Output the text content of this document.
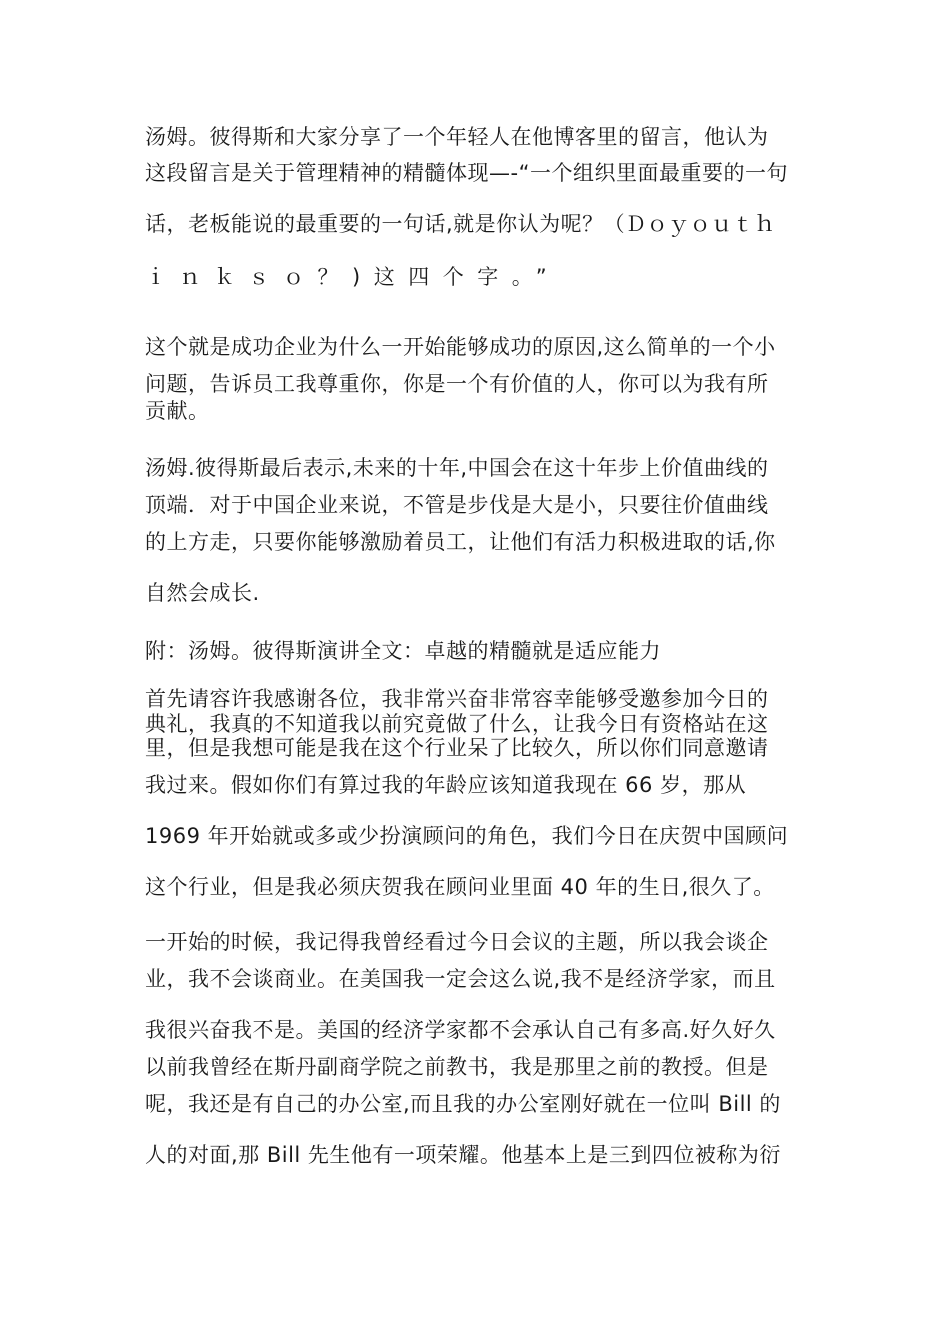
汤姆。彼得斯和大家分享了一个年轻人在他博客里的留言，他认为
这段留言是关于管理精神的精髓体现—-“一个组织里面最重要的一句
话，老板能说的最重要的一句话,就是你认为呢？（Ｄｏｙｏｕｔｈ
ｉｎｋｓｏ？)这四个字。”
这个就是成功企业为什么一开始能够成功的原因,这么简单的一个小
问题，告诉员工我尊重你，你是一个有价值的人，你可以为我有所
贡献。
汤姆.彼得斯最后表示,未来的十年,中国会在这十年步上价值曲线的
顶端．对于中国企业来说，不管是步伐是大是小，只要往价值曲线
的上方走，只要你能够激励着员工，让他们有活力积极进取的话,你
自然会成长.
附：汤姆。彼得斯演讲全文：卓越的精髓就是适应能力
首先请容许我感谢各位，我非常兴奋非常容幸能够受邀参加今日的
典礼，我真的不知道我以前究竟做了什么，让我今日有资格站在这
里，但是我想可能是我在这个行业呆了比较久，所以你们同意邀请
我过来。假如你们有算过我的年龄应该知道我现在 66 岁，那从
1969 年开始就或多或少扮演顾问的角色，我们今日在庆贺中国顾问
这个行业，但是我必须庆贺我在顾问业里面 40 年的生日,很久了。
一开始的时候，我记得我曾经看过今日会议的主题，所以我会谈企
业，我不会谈商业。在美国我一定会这么说,我不是经济学家，而且
我很兴奋我不是。美国的经济学家都不会承认自己有多高.好久好久
以前我曾经在斯丹副商学院之前教书，我是那里之前的教授。但是
呢，我还是有自己的办公室,而且我的办公室刚好就在一位叫 Bill 的
人的对面,那 Bill 先生他有一项荣耀。他基本上是三到四位被称为衍
